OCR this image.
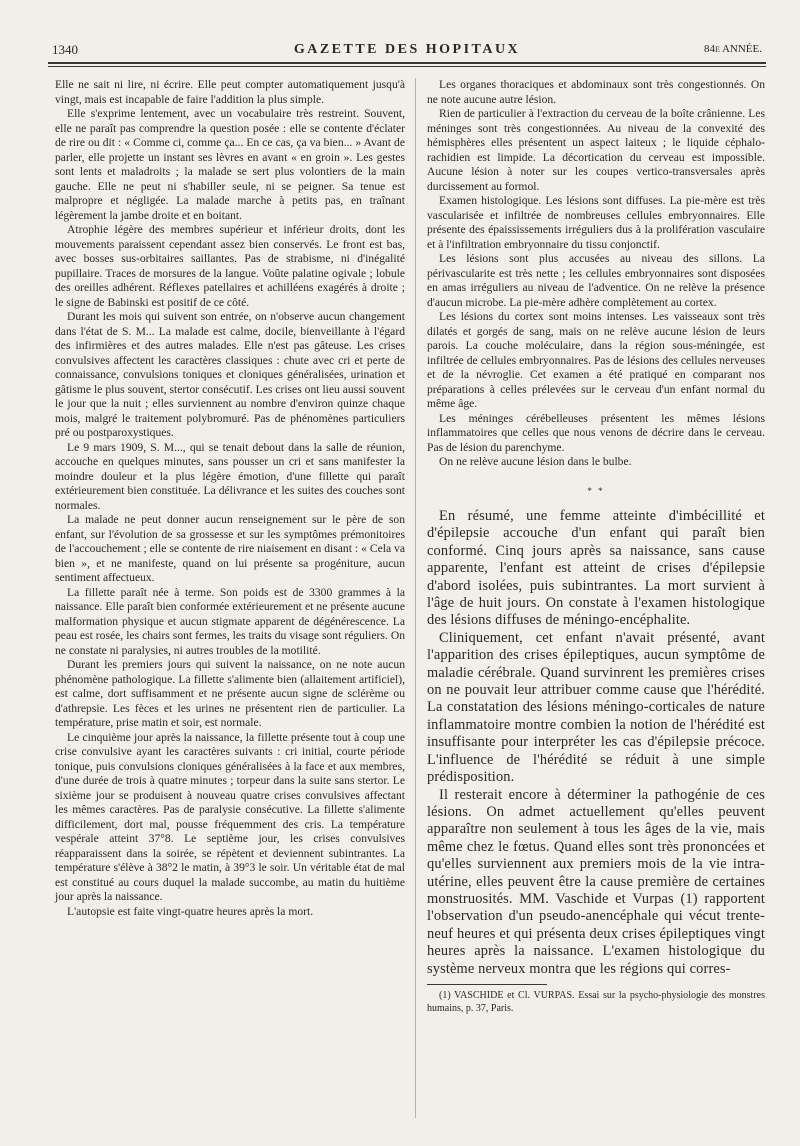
1340	GAZETTE DES HOPITAUX	84e ANNÉE.

Elle ne sait ni lire, ni écrire. Elle peut compter automatiquement jusqu'à vingt, mais est incapable de faire l'addition la plus simple.

Elle s'exprime lentement, avec un vocabulaire très restreint. Souvent, elle ne paraît pas comprendre la question posée : elle se contente d'éclater de rire ou dit : « Comme ci, comme ça... En ce cas, ça va bien... » Avant de parler, elle projette un instant ses lèvres en avant « en groin ». Les gestes sont lents et maladroits ; la malade se sert plus volontiers de la main gauche. Elle ne peut ni s'habiller seule, ni se peigner. Sa tenue est malpropre et négligée. La malade marche à petits pas, en traînant légèrement la jambe droite et en boitant.

Atrophie légère des membres supérieur et inférieur droits, dont les mouvements paraissent cependant assez bien conservés. Le front est bas, avec bosses sus-orbitaires saillantes. Pas de strabisme, ni d'inégalité pupillaire. Traces de morsures de la langue. Voûte palatine ogivale ; lobule des oreilles adhérent. Réflexes patellaires et achilléens exagérés à droite ; le signe de Babinski est positif de ce côté.

Durant les mois qui suivent son entrée, on n'observe aucun changement dans l'état de S. M... La malade est calme, docile, bienveillante à l'égard des infirmières et des autres malades. Elle n'est pas gâteuse. Les crises convulsives affectent les caractères classiques : chute avec cri et perte de connaissance, convulsions toniques et cloniques généralisées, urination et gâtisme le plus souvent, stertor consécutif. Les crises ont lieu aussi souvent le jour que la nuit ; elles surviennent au nombre d'environ quinze chaque mois, malgré le traitement polybromuré. Pas de phénomènes particuliers pré ou postparoxystiques.

Le 9 mars 1909, S. M..., qui se tenait debout dans la salle de réunion, accouche en quelques minutes, sans pousser un cri et sans manifester la moindre douleur et la plus légère émotion, d'une fillette qui paraît extérieurement bien constituée. La délivrance et les suites des couches sont normales.

La malade ne peut donner aucun renseignement sur le père de son enfant, sur l'évolution de sa grossesse et sur les symptômes prémonitoires de l'accouchement ; elle se contente de rire niaisement en disant : « Cela va bien », et ne manifeste, quand on lui présente sa progéniture, aucun sentiment affectueux.

La fillette paraît née à terme. Son poids est de 3300 grammes à la naissance. Elle paraît bien conformée extérieurement et ne présente aucune malformation physique et aucun stigmate apparent de dégénérescence. La peau est rosée, les chairs sont fermes, les traits du visage sont réguliers. On ne constate ni paralysies, ni autres troubles de la motilité.

Durant les premiers jours qui suivent la naissance, on ne note aucun phénomène pathologique. La fillette s'alimente bien (allaitement artificiel), est calme, dort suffisamment et ne présente aucun signe de sclérème ou d'athrepsie. Les fèces et les urines ne présentent rien de particulier. La température, prise matin et soir, est normale.

Le cinquième jour après la naissance, la fillette présente tout à coup une crise convulsive ayant les caractères suivants : cri initial, courte période tonique, puis convulsions cloniques généralisées à la face et aux membres, d'une durée de trois à quatre minutes ; torpeur dans la suite sans stertor. Le sixième jour se produisent à nouveau quatre crises convulsives affectant les mêmes caractères. Pas de paralysie consécutive. La fillette s'alimente difficilement, dort mal, pousse fréquemment des cris. La température vespérale atteint 37°8. Le septième jour, les crises convulsives réapparaissent dans la soirée, se répètent et deviennent subintrantes. La température s'élève à 38°2 le matin, à 39°3 le soir. Un véritable état de mal est constitué au cours duquel la malade succombe, au matin du huitième jour après la naissance.

L'autopsie est faite vingt-quatre heures après la mort.

Les organes thoraciques et abdominaux sont très congestionnés. On ne note aucune autre lésion.

Rien de particulier à l'extraction du cerveau de la boîte crânienne. Les méninges sont très congestionnées. Au niveau de la convexité des hémisphères elles présentent un aspect laiteux ; le liquide céphalo-rachidien est limpide. La décortication du cerveau est impossible. Aucune lésion à noter sur les coupes vertico-transversales après durcissement au formol.

Examen histologique. Les lésions sont diffuses. La pie-mère est très vascularisée et infiltrée de nombreuses cellules embryonnaires. Elle présente des épaississements irréguliers dus à la prolifération vasculaire et à l'infiltration embryonnaire du tissu conjonctif.

Les lésions sont plus accusées au niveau des sillons. La périvascularite est très nette ; les cellules embryonnaires sont disposées en amas irréguliers au niveau de l'adventice. On ne relève la présence d'aucun microbe. La pie-mère adhère complètement au cortex.

Les lésions du cortex sont moins intenses. Les vaisseaux sont très dilatés et gorgés de sang, mais on ne relève aucune lésion de leurs parois. La couche moléculaire, dans la région sous-méningée, est infiltrée de cellules embryonnaires. Pas de lésions des cellules nerveuses et de la névroglie. Cet examen a été pratiqué en comparant nos préparations à celles prélevées sur le cerveau d'un enfant normal du même âge.

Les méninges cérébelleuses présentent les mêmes lésions inflammatoires que celles que nous venons de décrire dans le cerveau. Pas de lésion du parenchyme.

On ne relève aucune lésion dans le bulbe.

* *

En résumé, une femme atteinte d'imbécillité et d'épilepsie accouche d'un enfant qui paraît bien conformé. Cinq jours après sa naissance, sans cause apparente, l'enfant est atteint de crises d'épilepsie d'abord isolées, puis subintrantes. La mort survient à l'âge de huit jours. On constate à l'examen histologique des lésions diffuses de méningo-encéphalite.

Cliniquement, cet enfant n'avait présenté, avant l'apparition des crises épileptiques, aucun symptôme de maladie cérébrale. Quand survinrent les premières crises on ne pouvait leur attribuer comme cause que l'hérédité. La constatation des lésions méningo-corticales de nature inflammatoire montre combien la notion de l'hérédité est insuffisante pour interpréter les cas d'épilepsie précoce. L'influence de l'hérédité se réduit à une simple prédisposition.

Il resterait encore à déterminer la pathogénie de ces lésions. On admet actuellement qu'elles peuvent apparaître non seulement à tous les âges de la vie, mais même chez le fœtus. Quand elles sont très prononcées et qu'elles surviennent aux premiers mois de la vie intra-utérine, elles peuvent être la cause première de certaines monstruosités. MM. Vaschide et Vurpas (1) rapportent l'observation d'un pseudo-anencéphale qui vécut trente-neuf heures et qui présenta deux crises épileptiques vingt heures après la naissance. L'examen histologique du système nerveux montra que les régions qui corres-

(1) VASCHIDE et Cl. VURPAS. Essai sur la psycho-physiologie des monstres humains, p. 37, Paris.
